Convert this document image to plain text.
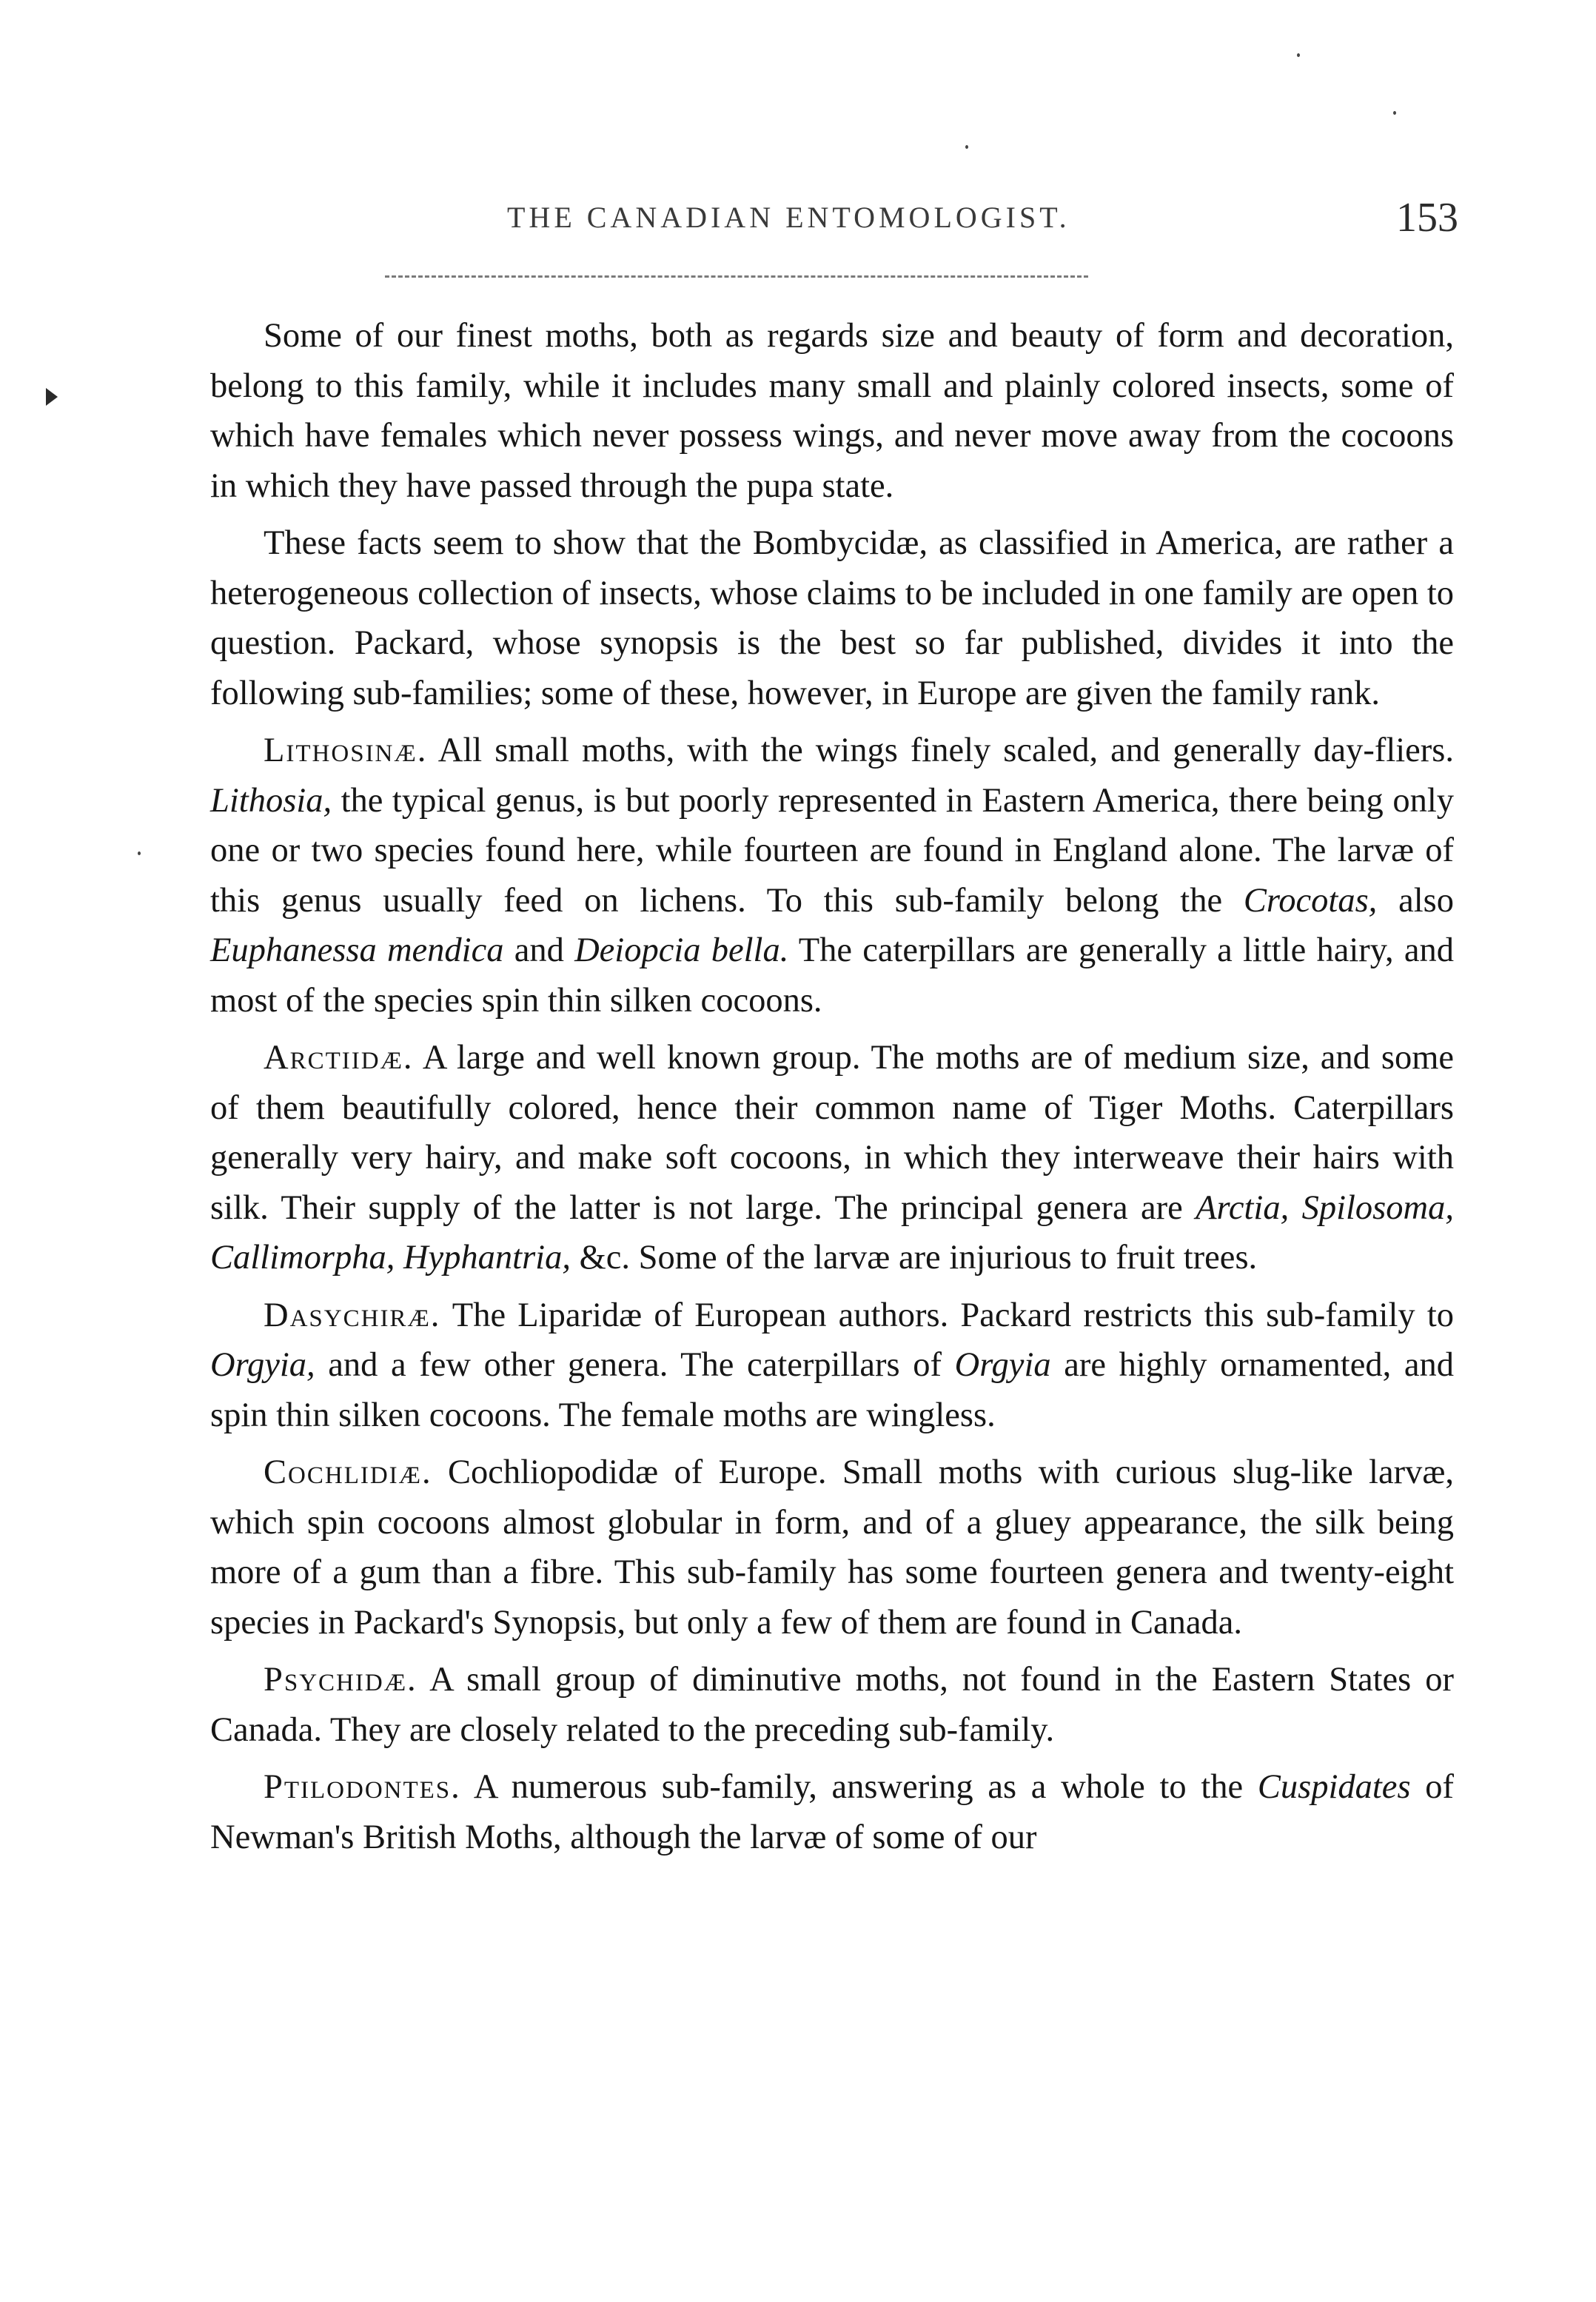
THE CANADIAN ENTOMOLOGIST.	153

Some of our finest moths, both as regards size and beauty of form and decoration, belong to this family, while it includes many small and plainly colored insects, some of which have females which never possess wings, and never move away from the cocoons in which they have passed through the pupa state.

These facts seem to show that the Bombycidæ, as classified in America, are rather a heterogeneous collection of insects, whose claims to be included in one family are open to question. Packard, whose synopsis is the best so far published, divides it into the following sub-families; some of these, however, in Europe are given the family rank.

Lithosinæ. All small moths, with the wings finely scaled, and generally day-fliers. Lithosia, the typical genus, is but poorly represented in Eastern America, there being only one or two species found here, while fourteen are found in England alone. The larvæ of this genus usually feed on lichens. To this sub-family belong the Crocotas, also Euphanessa mendica and Deiopcia bella. The caterpillars are generally a little hairy, and most of the species spin thin silken cocoons.

Arctiidæ. A large and well known group. The moths are of medium size, and some of them beautifully colored, hence their common name of Tiger Moths. Caterpillars generally very hairy, and make soft cocoons, in which they interweave their hairs with silk. Their supply of the latter is not large. The principal genera are Arctia, Spilosoma, Callimorpha, Hyphantria, &c. Some of the larvæ are injurious to fruit trees.

Dasychiræ. The Liparidæ of European authors. Packard restricts this sub-family to Orgyia, and a few other genera. The caterpillars of Orgyia are highly ornamented, and spin thin silken cocoons. The female moths are wingless.

Cochlidiæ. Cochliopodidæ of Europe. Small moths with curious slug-like larvæ, which spin cocoons almost globular in form, and of a gluey appearance, the silk being more of a gum than a fibre. This sub-family has some fourteen genera and twenty-eight species in Packard's Synopsis, but only a few of them are found in Canada.

Psychidæ. A small group of diminutive moths, not found in the Eastern States or Canada. They are closely related to the preceding sub-family.

Ptilodontes. A numerous sub-family, answering as a whole to the Cuspidates of Newman's British Moths, although the larvæ of some of our
